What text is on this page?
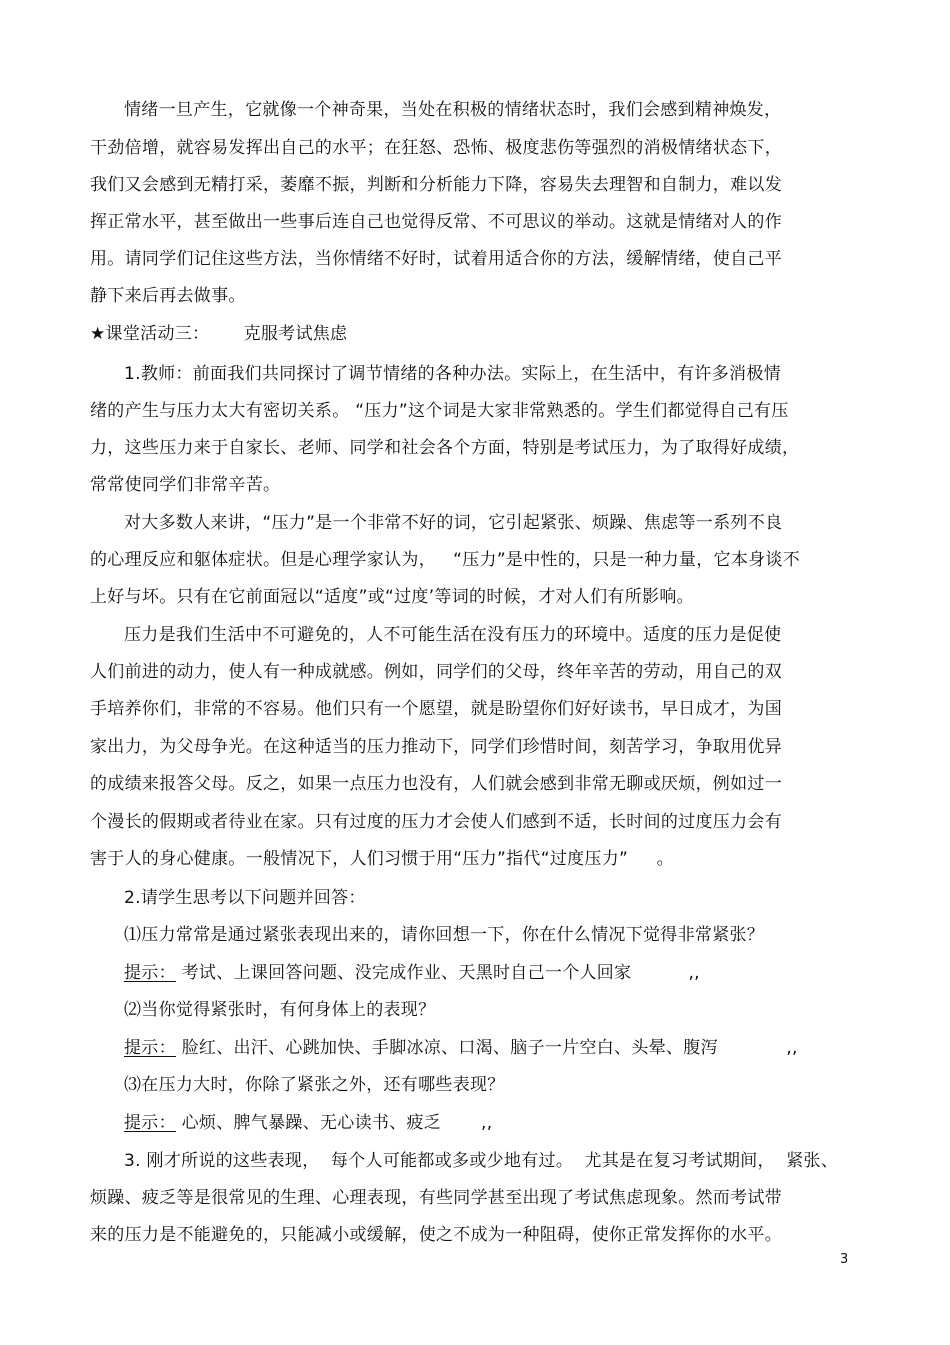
情绪一旦产生，它就像一个神奇果，当处在积极的情绪状态时，我们会感到精神焕发，
干劲倍增，就容易发挥出自己的水平；在狂怒、恐怖、极度悲伤等强烈的消极情绪状态下，
我们又会感到无精打采，萎靡不振，判断和分析能力下降，容易失去理智和自制力，难以发
挥正常水平，甚至做出一些事后连自己也觉得反常、不可思议的举动。这就是情绪对人的作
用。请同学们记住这些方法，当你情绪不好时，试着用适合你的方法，缓解情绪，使自己平
静下来后再去做事。
★课堂活动三：      克服考试焦虑
1.教师：前面我们共同探讨了调节情绪的各种办法。实际上，在生活中，有许多消极情
绪的产生与压力太大有密切关系。 “压力”这个词是大家非常熟悉的。学生们都觉得自己有压
力，这些压力来于自家长、老师、同学和社会各个方面，特别是考试压力，为了取得好成绩，
常常使同学们非常辛苦。
对大多数人来讲，“压力”是一个非常不好的词，它引起紧张、烦躁、焦虑等一系列不良
的心理反应和躯体症状。但是心理学家认为，   “压力”是中性的，只是一种力量，它本身谈不
上好与坏。只有在它前面冠以“适度”或“过度’等词的时候，才对人们有所影响。
压力是我们生活中不可避免的，人不可能生活在没有压力的环境中。适度的压力是促使
人们前进的动力，使人有一种成就感。例如，同学们的父母，终年辛苦的劳动，用自己的双
手培养你们，非常的不容易。他们只有一个愿望，就是盼望你们好好读书，早日成才，为国
家出力，为父母争光。在这种适当的压力推动下，同学们珍惜时间，刻苦学习，争取用优异
的成绩来报答父母。反之，如果一点压力也没有，人们就会感到非常无聊或厌烦，例如过一
个漫长的假期或者待业在家。只有过度的压力才会使人们感到不适，长时间的过度压力会有
害于人的身心健康。一般情况下，人们习惯于用“压力”指代“过度压力”     。
2.请学生思考以下问题并回答：
⑴压力常常是通过紧张表现出来的，请你回想一下，你在什么情况下觉得非常紧张？
提示： 考试、上课回答问题、没完成作业、天黑时自己一个人回家          ,,
⑵当你觉得紧张时，有何身体上的表现？
提示： 脸红、出汗、心跳加快、手脚冰凉、口渴、脑子一片空白、头晕、腹泻            ,,
⑶在压力大时，你除了紧张之外，还有哪些表现？
提示： 心烦、脾气暴躁、无心读书、疲乏       ,,
3. 刚才所说的这些表现，  每个人可能都或多或少地有过。  尤其是在复习考试期间，  紧张、
烦躁、疲乏等是很常见的生理、心理表现，有些同学甚至出现了考试焦虑现象。然而考试带
来的压力是不能避免的，只能减小或缓解，使之不成为一种阻碍，使你正常发挥你的水平。
3
